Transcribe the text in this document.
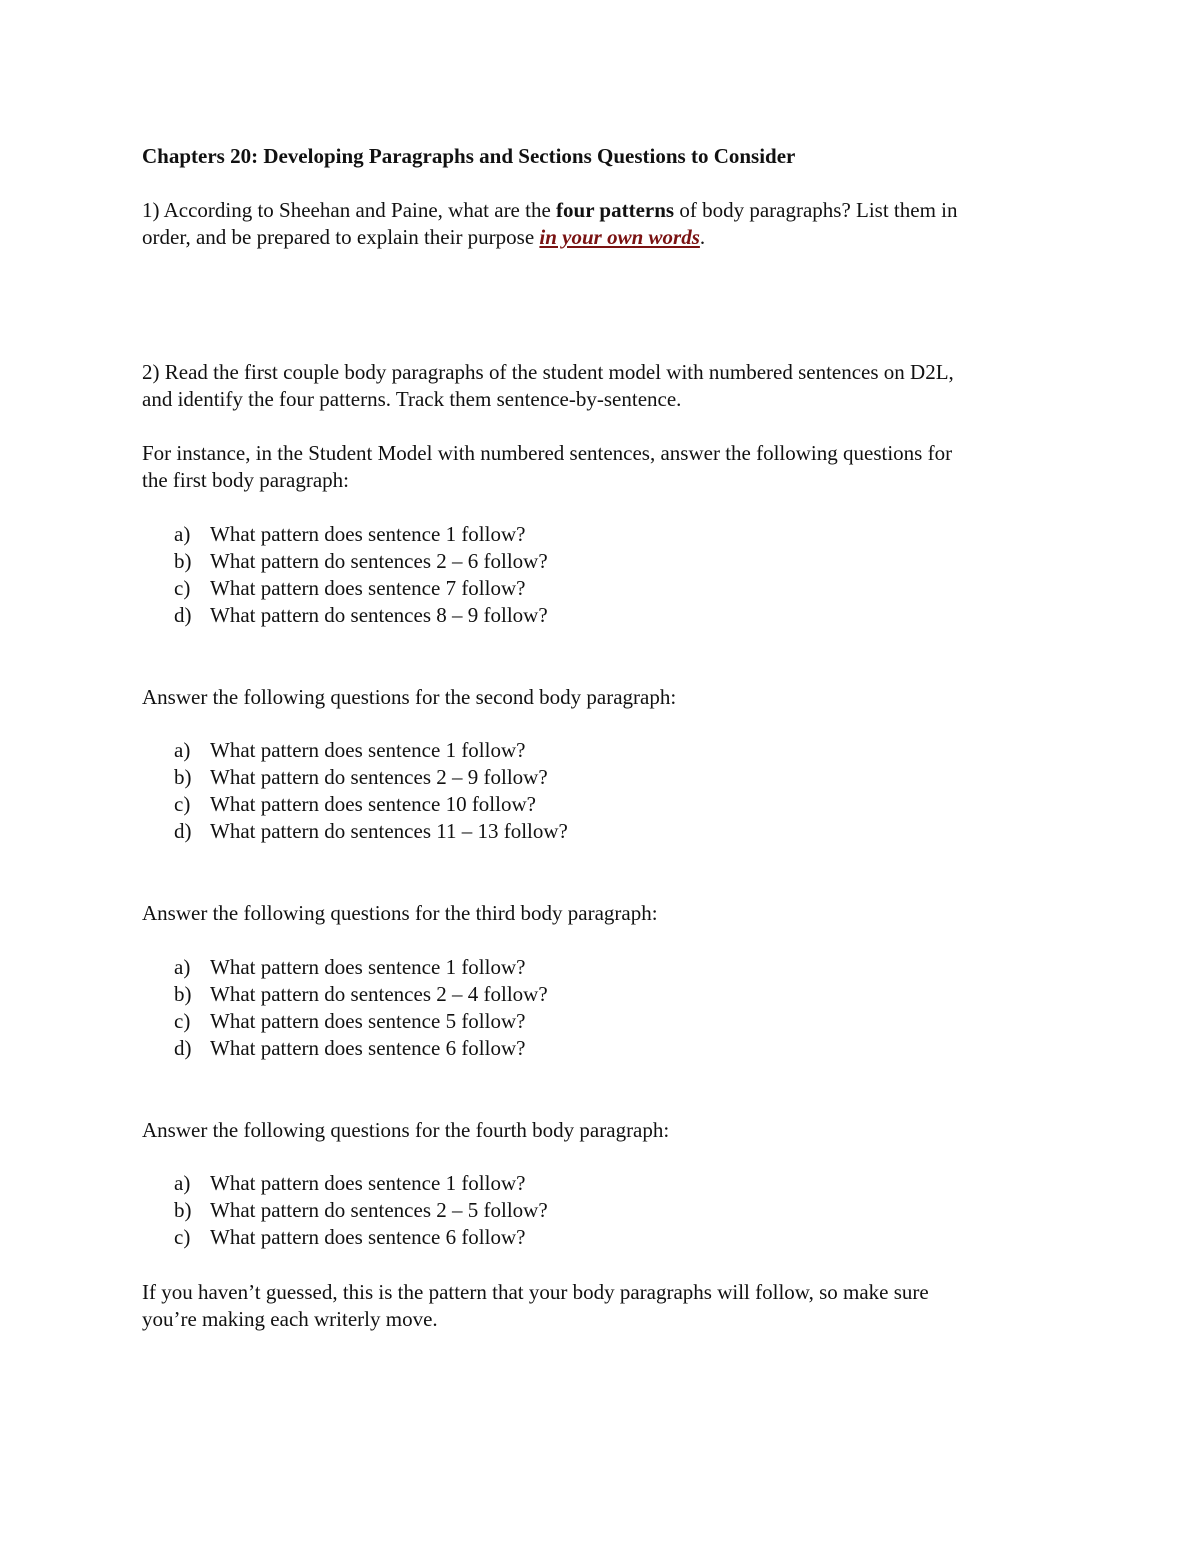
Chapters 20: Developing Paragraphs and Sections Questions to Consider
1) According to Sheehan and Paine, what are the four patterns of body paragraphs? List them in
order, and be prepared to explain their purpose in your own words.
2) Read the first couple body paragraphs of the student model with numbered sentences on D2L,
and identify the four patterns. Track them sentence-by-sentence.
For instance, in the Student Model with numbered sentences, answer the following questions for
the first body paragraph:
a) What pattern does sentence 1 follow?
b) What pattern do sentences 2 – 6 follow?
c) What pattern does sentence 7 follow?
d) What pattern do sentences 8 – 9 follow?
Answer the following questions for the second body paragraph:
a) What pattern does sentence 1 follow?
b) What pattern do sentences 2 – 9 follow?
c) What pattern does sentence 10 follow?
d) What pattern do sentences 11 – 13 follow?
Answer the following questions for the third body paragraph:
a) What pattern does sentence 1 follow?
b) What pattern do sentences 2 – 4 follow?
c) What pattern does sentence 5 follow?
d) What pattern does sentence 6 follow?
Answer the following questions for the fourth body paragraph:
a) What pattern does sentence 1 follow?
b) What pattern do sentences 2 – 5 follow?
c) What pattern does sentence 6 follow?
If you haven’t guessed, this is the pattern that your body paragraphs will follow, so make sure
you’re making each writerly move.
